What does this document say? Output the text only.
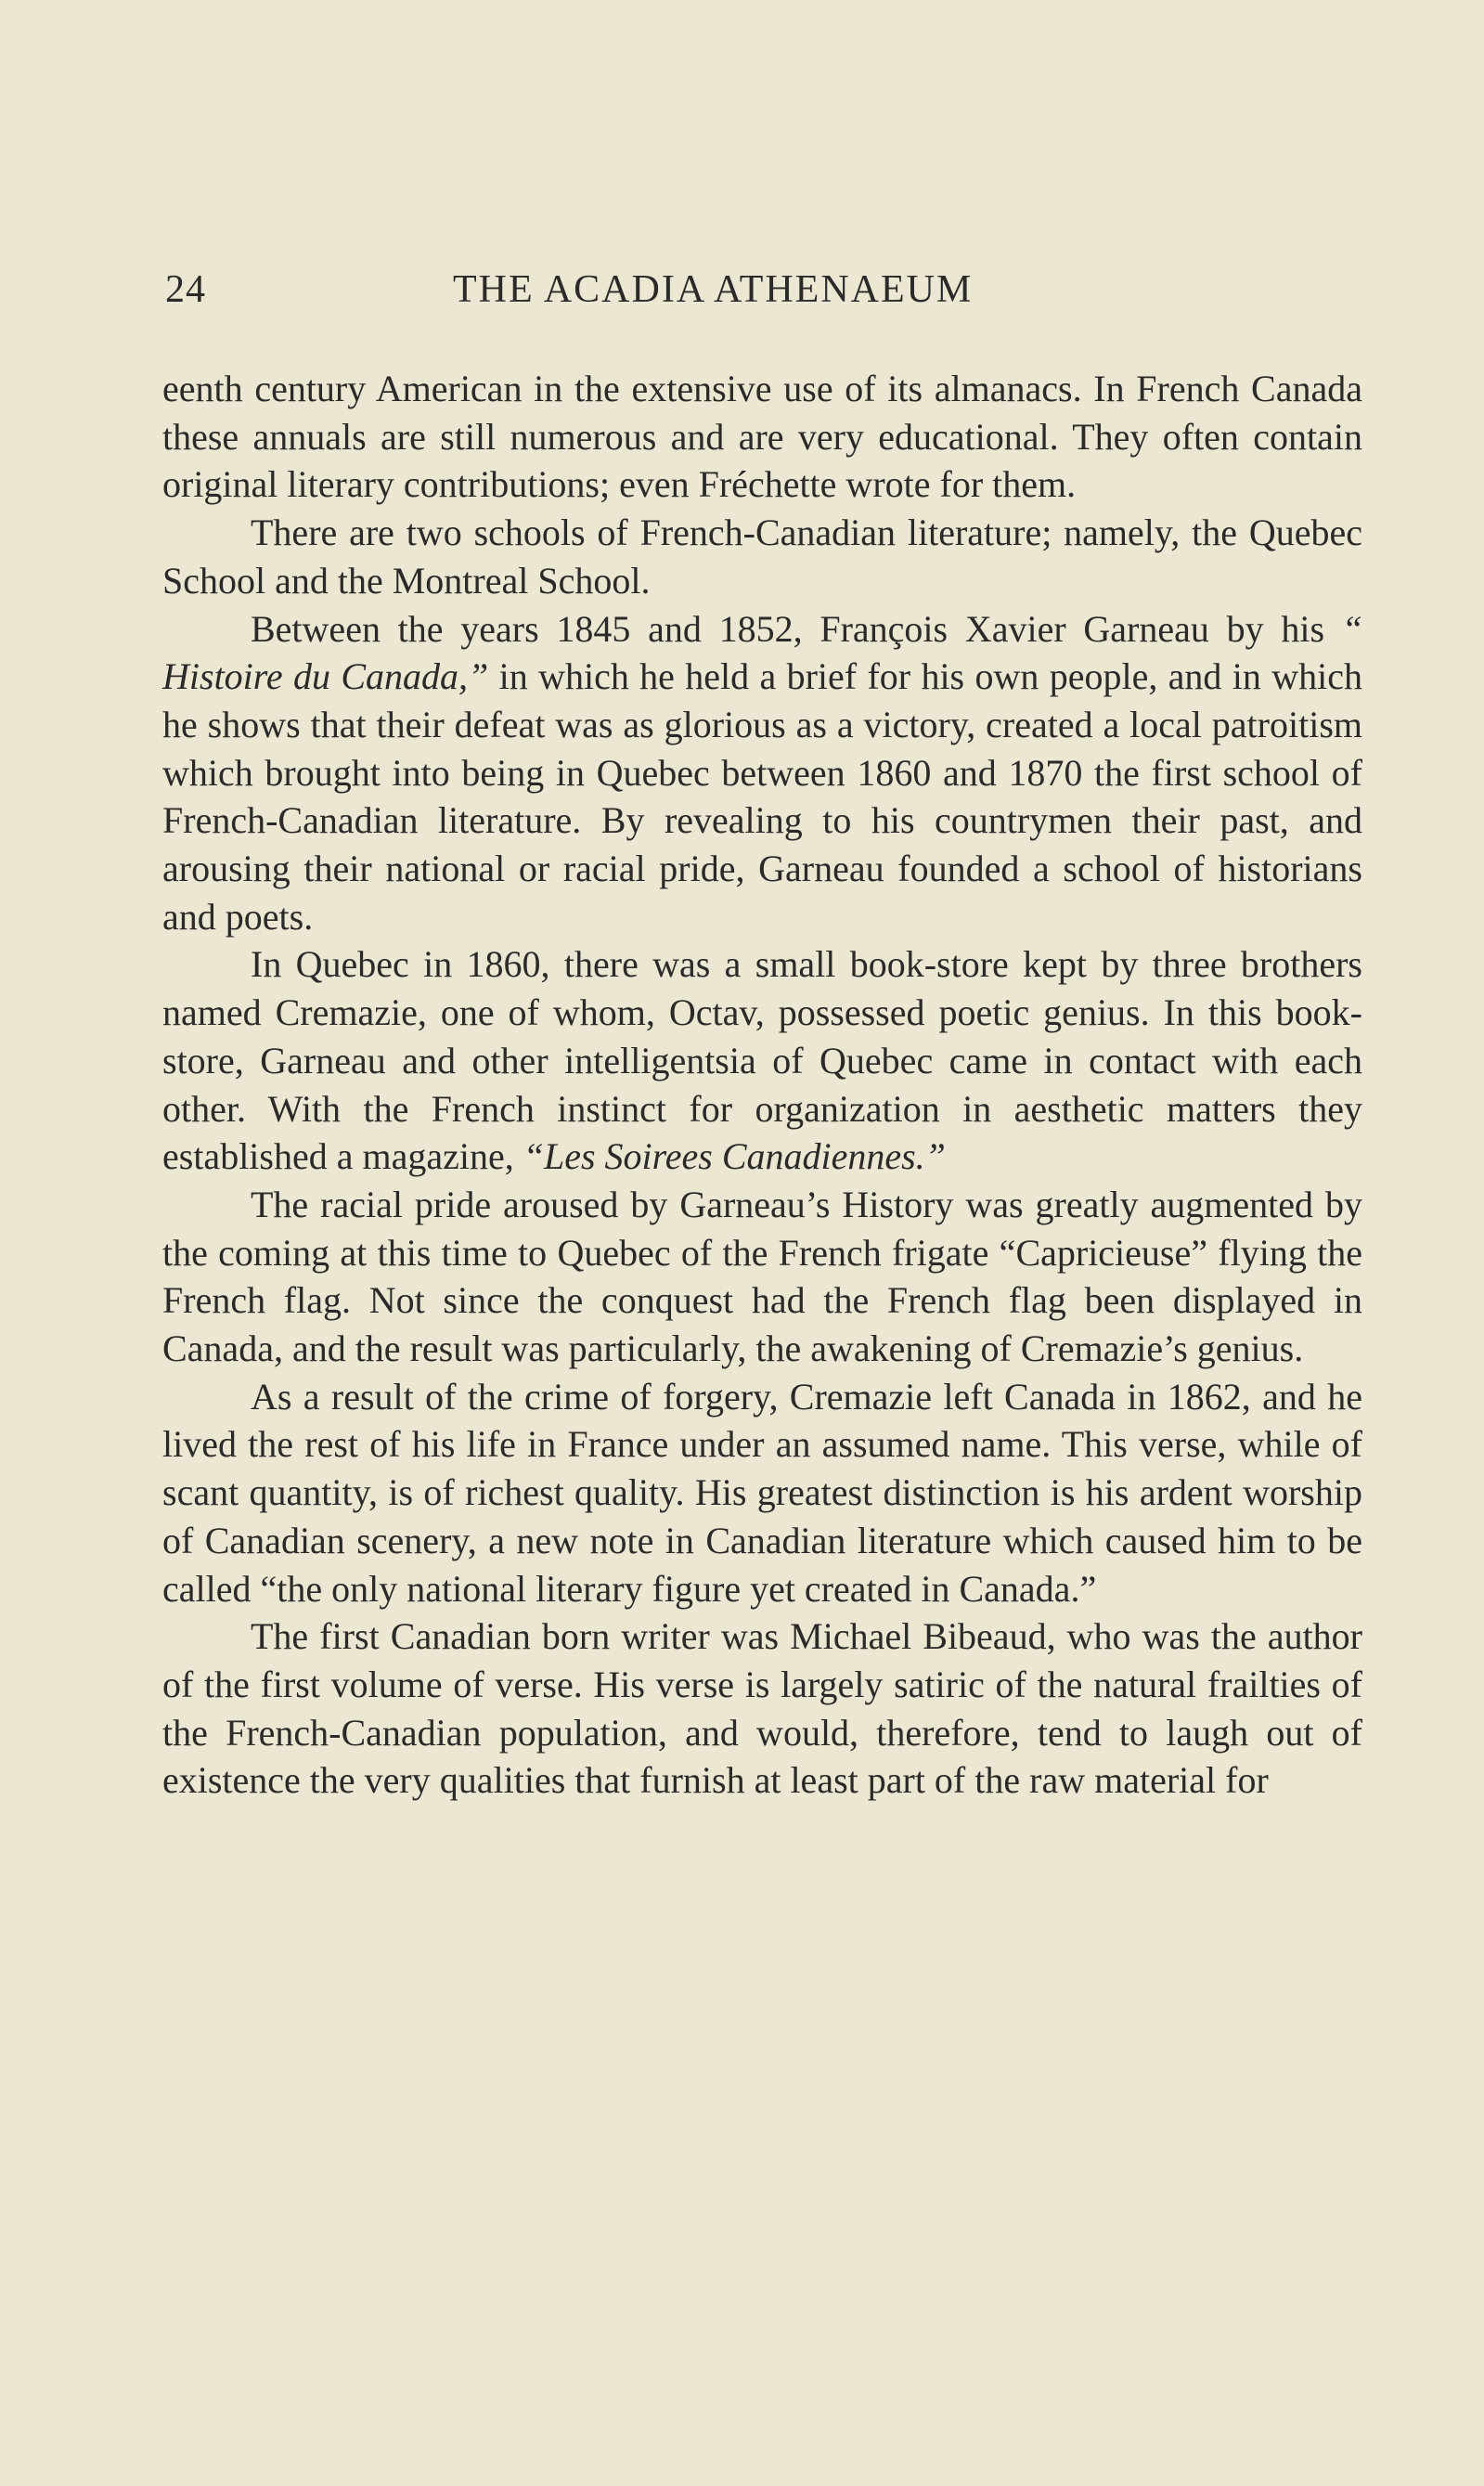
24	THE ACADIA ATHENAEUM

eenth century American in the extensive use of its almanacs. In French Canada these annuals are still numerous and are very educational. They often contain original literary contributions; even Fréchette wrote for them.

There are two schools of French-Canadian literature; namely, the Quebec School and the Montreal School.

Between the years 1845 and 1852, François Xavier Garneau by his “ Histoire du Canada,” in which he held a brief for his own people, and in which he shows that their defeat was as glorious as a victory, created a local patroitism which brought into being in Quebec between 1860 and 1870 the first school of French-Canadian literature. By revealing to his countrymen their past, and arousing their national or racial pride, Garneau founded a school of historians and poets.

In Quebec in 1860, there was a small book-store kept by three brothers named Cremazie, one of whom, Octav, possessed poetic genius. In this book-store, Garneau and other intelligentsia of Quebec came in contact with each other. With the French instinct for organization in aesthetic matters they established a magazine, “Les Soirees Canadiennes.”

The racial pride aroused by Garneau’s History was greatly augmented by the coming at this time to Quebec of the French frigate “Capricieuse” flying the French flag. Not since the conquest had the French flag been displayed in Canada, and the result was particularly, the awakening of Cremazie’s genius.

As a result of the crime of forgery, Cremazie left Canada in 1862, and he lived the rest of his life in France under an assumed name. This verse, while of scant quantity, is of richest quality. His greatest distinction is his ardent worship of Canadian scenery, a new note in Canadian literature which caused him to be called “the only national literary figure yet created in Canada.”

The first Canadian born writer was Michael Bibeaud, who was the author of the first volume of verse. His verse is largely satiric of the natural frailties of the French-Canadian population, and would, therefore, tend to laugh out of existence the very qualities that furnish at least part of the raw material for
